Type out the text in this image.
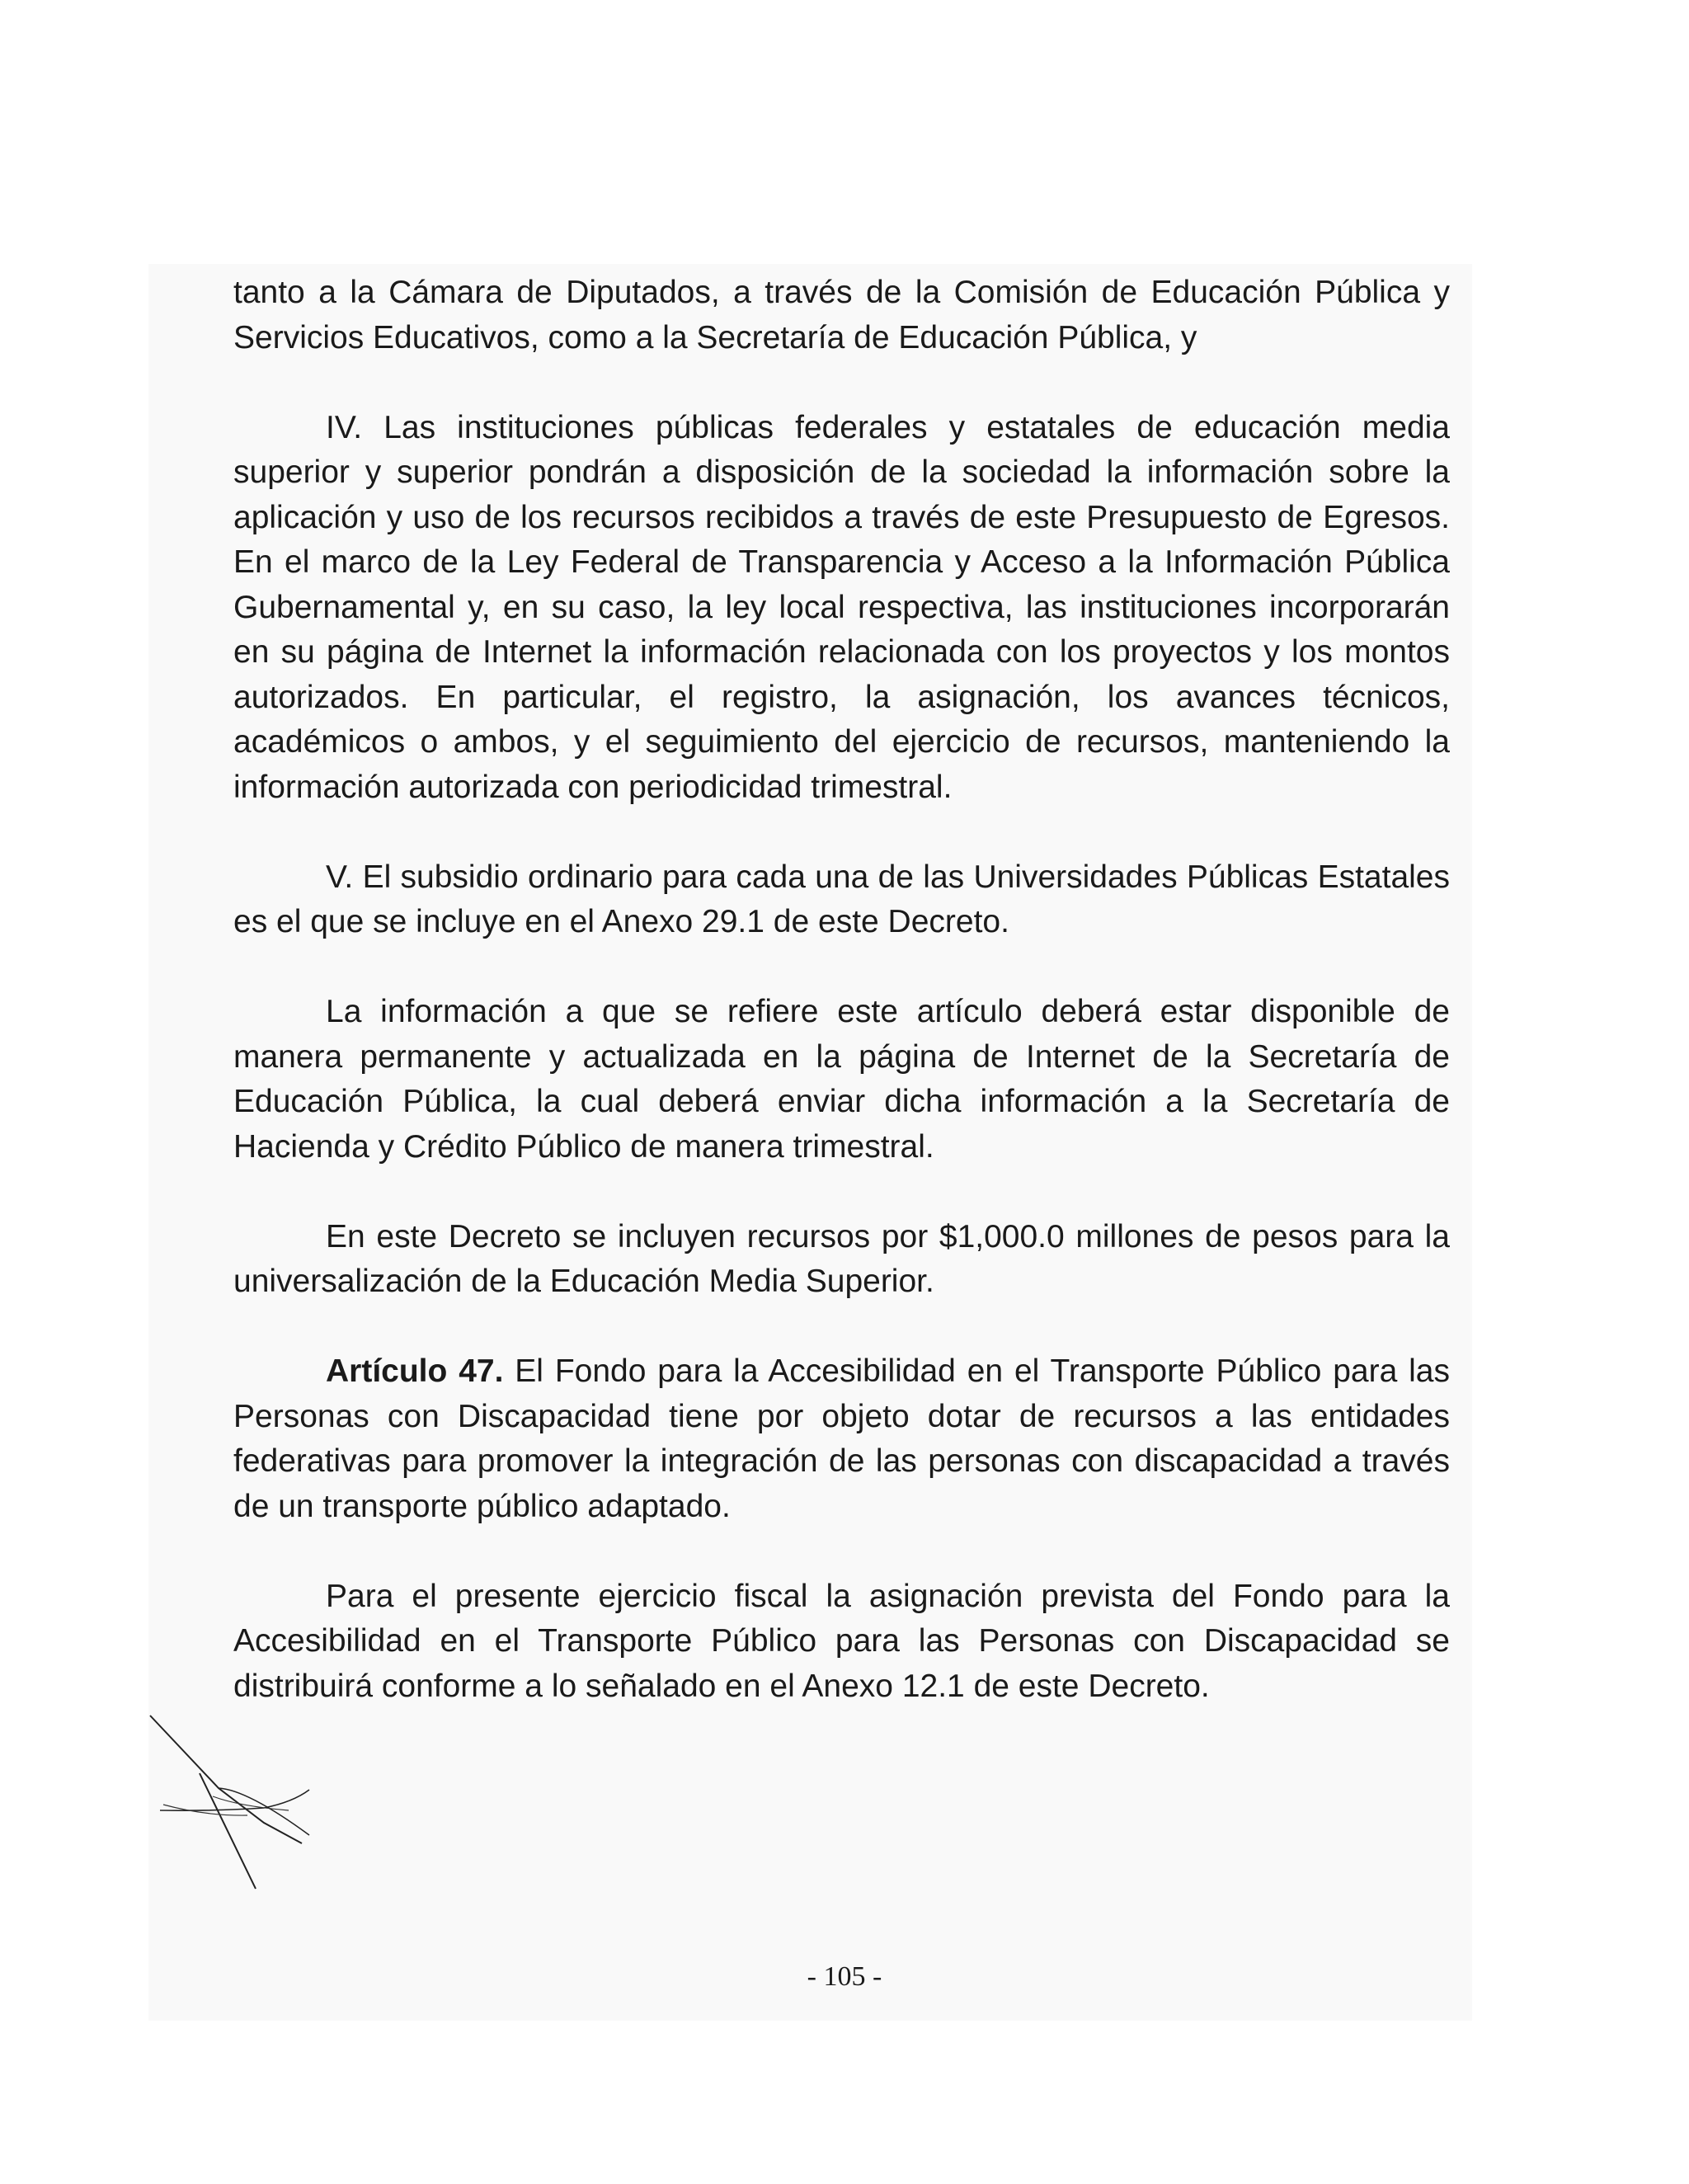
tanto a la Cámara de Diputados, a través de la Comisión de Educación Pública y Servicios Educativos, como a la Secretaría de Educación Pública, y

IV. Las instituciones públicas federales y estatales de educación media superior y superior pondrán a disposición de la sociedad la información sobre la aplicación y uso de los recursos recibidos a través de este Presupuesto de Egresos. En el marco de la Ley Federal de Transparencia y Acceso a la Información Pública Gubernamental y, en su caso, la ley local respectiva, las instituciones incorporarán en su página de Internet la información relacionada con los proyectos y los montos autorizados. En particular, el registro, la asignación, los avances técnicos, académicos o ambos, y el seguimiento del ejercicio de recursos, manteniendo la información autorizada con periodicidad trimestral.

V. El subsidio ordinario para cada una de las Universidades Públicas Estatales es el que se incluye en el Anexo 29.1 de este Decreto.

La información a que se refiere este artículo deberá estar disponible de manera permanente y actualizada en la página de Internet de la Secretaría de Educación Pública, la cual deberá enviar dicha información a la Secretaría de Hacienda y Crédito Público de manera trimestral.

En este Decreto se incluyen recursos por $1,000.0 millones de pesos para la universalización de la Educación Media Superior.

Artículo 47. El Fondo para la Accesibilidad en el Transporte Público para las Personas con Discapacidad tiene por objeto dotar de recursos a las entidades federativas para promover la integración de las personas con discapacidad a través de un transporte público adaptado.

Para el presente ejercicio fiscal la asignación prevista del Fondo para la Accesibilidad en el Transporte Público para las Personas con Discapacidad se distribuirá conforme a lo señalado en el Anexo 12.1 de este Decreto.

- 105 -
